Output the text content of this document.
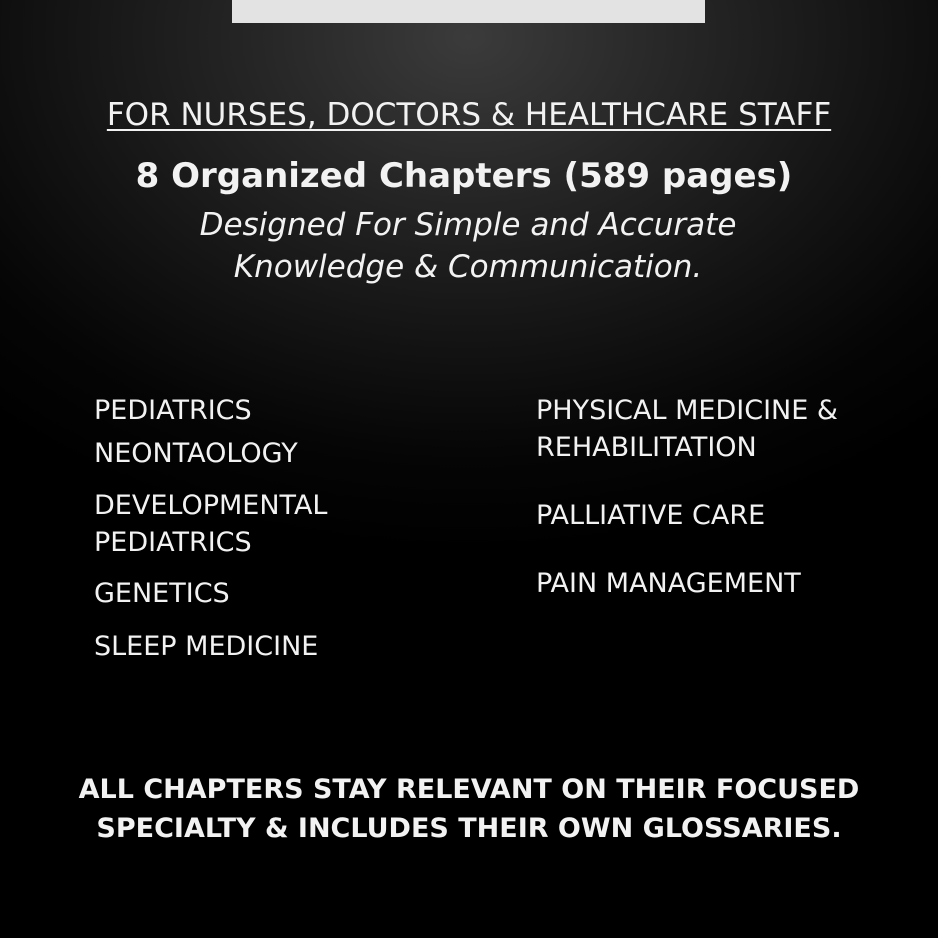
FOR NURSES, DOCTORS & HEALTHCARE STAFF
8 Organized Chapters (589 pages)
Designed For Simple and Accurate
Knowledge & Communication.
PEDIATRICS
NEONTAOLOGY
DEVELOPMENTAL
PEDIATRICS
GENETICS
SLEEP MEDICINE
PHYSICAL MEDICINE &
REHABILITATION
PALLIATIVE CARE
PAIN MANAGEMENT
ALL CHAPTERS STAY RELEVANT ON THEIR FOCUSED
SPECIALTY & INCLUDES THEIR OWN GLOSSARIES.
